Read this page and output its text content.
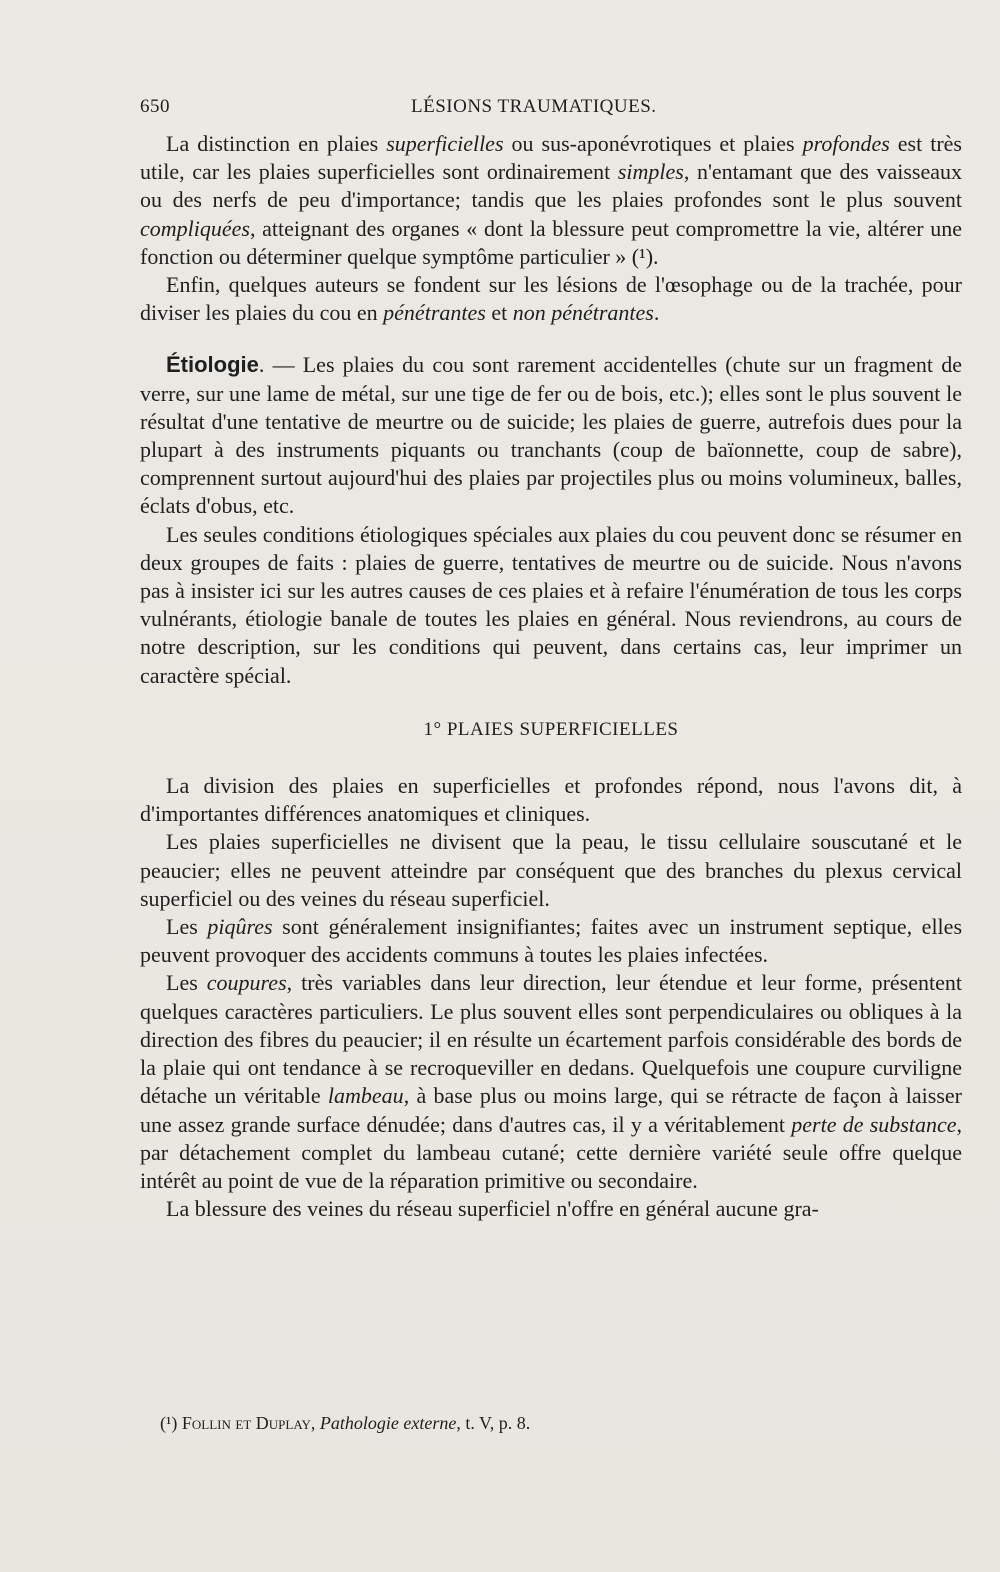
650	LÉSIONS TRAUMATIQUES.

La distinction en plaies superficielles ou sus-aponévrotiques et plaies profondes est très utile, car les plaies superficielles sont ordinairement simples, n'entamant que des vaisseaux ou des nerfs de peu d'importance; tandis que les plaies profondes sont le plus souvent compliquées, atteignant des organes « dont la blessure peut compromettre la vie, altérer une fonction ou déterminer quelque symptôme particulier » (¹).

Enfin, quelques auteurs se fondent sur les lésions de l'œsophage ou de la trachée, pour diviser les plaies du cou en pénétrantes et non pénétrantes.

Étiologie. — Les plaies du cou sont rarement accidentelles (chute sur un fragment de verre, sur une lame de métal, sur une tige de fer ou de bois, etc.); elles sont le plus souvent le résultat d'une tentative de meurtre ou de suicide; les plaies de guerre, autrefois dues pour la plupart à des instruments piquants ou tranchants (coup de baïonnette, coup de sabre), comprennent surtout aujourd'hui des plaies par projectiles plus ou moins volumineux, balles, éclats d'obus, etc.

Les seules conditions étiologiques spéciales aux plaies du cou peuvent donc se résumer en deux groupes de faits : plaies de guerre, tentatives de meurtre ou de suicide. Nous n'avons pas à insister ici sur les autres causes de ces plaies et à refaire l'énumération de tous les corps vulnérants, étiologie banale de toutes les plaies en général. Nous reviendrons, au cours de notre description, sur les conditions qui peuvent, dans certains cas, leur imprimer un caractère spécial.

1° PLAIES SUPERFICIELLES

La division des plaies en superficielles et profondes répond, nous l'avons dit, à d'importantes différences anatomiques et cliniques.

Les plaies superficielles ne divisent que la peau, le tissu cellulaire souscutané et le peaucier; elles ne peuvent atteindre par conséquent que des branches du plexus cervical superficiel ou des veines du réseau superficiel.

Les piqûres sont généralement insignifiantes; faites avec un instrument septique, elles peuvent provoquer des accidents communs à toutes les plaies infectées.

Les coupures, très variables dans leur direction, leur étendue et leur forme, présentent quelques caractères particuliers. Le plus souvent elles sont perpendiculaires ou obliques à la direction des fibres du peaucier; il en résulte un écartement parfois considérable des bords de la plaie qui ont tendance à se recroqueviller en dedans. Quelquefois une coupure curviligne détache un véritable lambeau, à base plus ou moins large, qui se rétracte de façon à laisser une assez grande surface dénudée; dans d'autres cas, il y a véritablement perte de substance, par détachement complet du lambeau cutané; cette dernière variété seule offre quelque intérêt au point de vue de la réparation primitive ou secondaire.

La blessure des veines du réseau superficiel n'offre en général aucune gra-

(¹) Follin et Duplay, Pathologie externe, t. V, p. 8.
